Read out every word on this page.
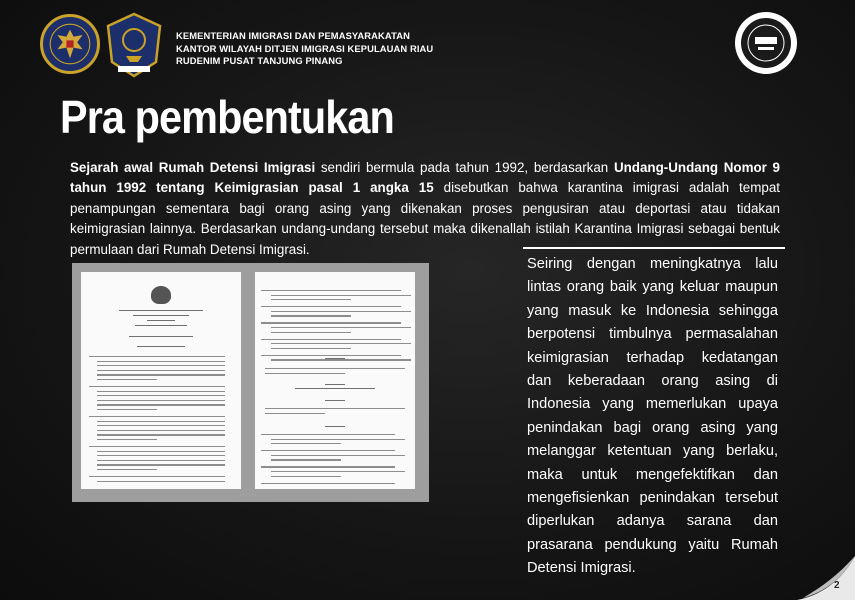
KEMENTERIAN IMIGRASI DAN PEMASYARAKATAN
KANTOR WILAYAH DITJEN IMIGRASI KEPULAUAN RIAU
RUDENIM PUSAT TANJUNG PINANG
Pra pembentukan

Sejarah awal Rumah Detensi Imigrasi sendiri bermula pada tahun 1992, berdasarkan Undang-Undang Nomor 9 tahun 1992 tentang Keimigrasian pasal 1 angka 15 disebutkan bahwa karantina imigrasi adalah tempat penampungan sementara bagi orang asing yang dikenakan proses pengusiran atau deportasi atau tidakan keimigrasian lainnya. Berdasarkan undang-undang tersebut maka dikenallah istilah Karantina Imigrasi sebagai bentuk permulaan dari Rumah Detensi Imigrasi.

Seiring dengan meningkatnya lalu lintas orang baik yang keluar maupun yang masuk ke Indonesia sehingga berpotensi timbulnya permasalahan keimigrasian terhadap kedatangan dan keberadaan orang asing di Indonesia yang memerlukan upaya penindakan bagi orang asing yang melanggar ketentuan yang berlaku, maka untuk mengefektifkan dan mengefisienkan penindakan tersebut diperlukan adanya sarana dan prasarana pendukung yaitu Rumah Detensi Imigrasi.

2
